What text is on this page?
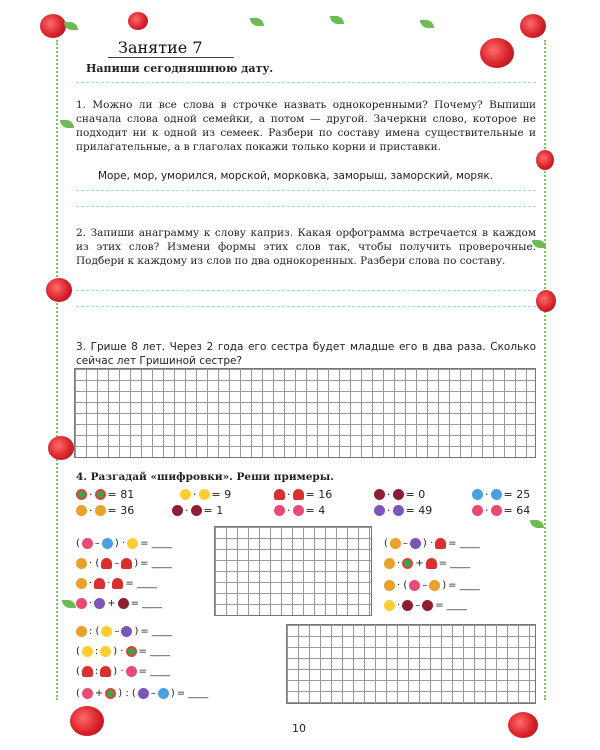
Занятие 7
Напиши сегодняшнюю дату.
1. Можно ли все слова в строчке назвать однокоренными? Почему? Выпиши сначала слова одной семейки, а потом — другой. Зачеркни слово, которое не подходит ни к одной из семеек. Разбери по составу имена существительные и прилагательные, а в глаголах покажи только корни и приставки.
Море, мор, уморился, морской, морковка, заморыш, заморский, моряк.
2. Запиши анаграмму к слову каприз. Какая орфограмма встречается в каждом из этих слов? Измени формы этих слов так, чтобы получить проверочные. Подбери к каждому из слов по два однокоренных. Разбери слова по составу.
3. Грише 8 лет. Через 2 года его сестра будет младше его в два раза. Сколько сейчас лет Гришиной сестре?
4. Разгадай «шифровки». Реши примеры.
· = 81	· = 9	· = 16	· = 0	· = 25
· = 36	· = 1	· = 4	· = 49	· = 64
(
–
) · = ____
· (
–
) = ____
·
· = ____
·
+ = ____
: (
–
) = ____
(
:
) · = ____
(
:
) · = ____
(
+
) : (
–
) = ____
(
–
) · = ____
·
+ = ____
· (
–
) = ____
·
– = ____
10
